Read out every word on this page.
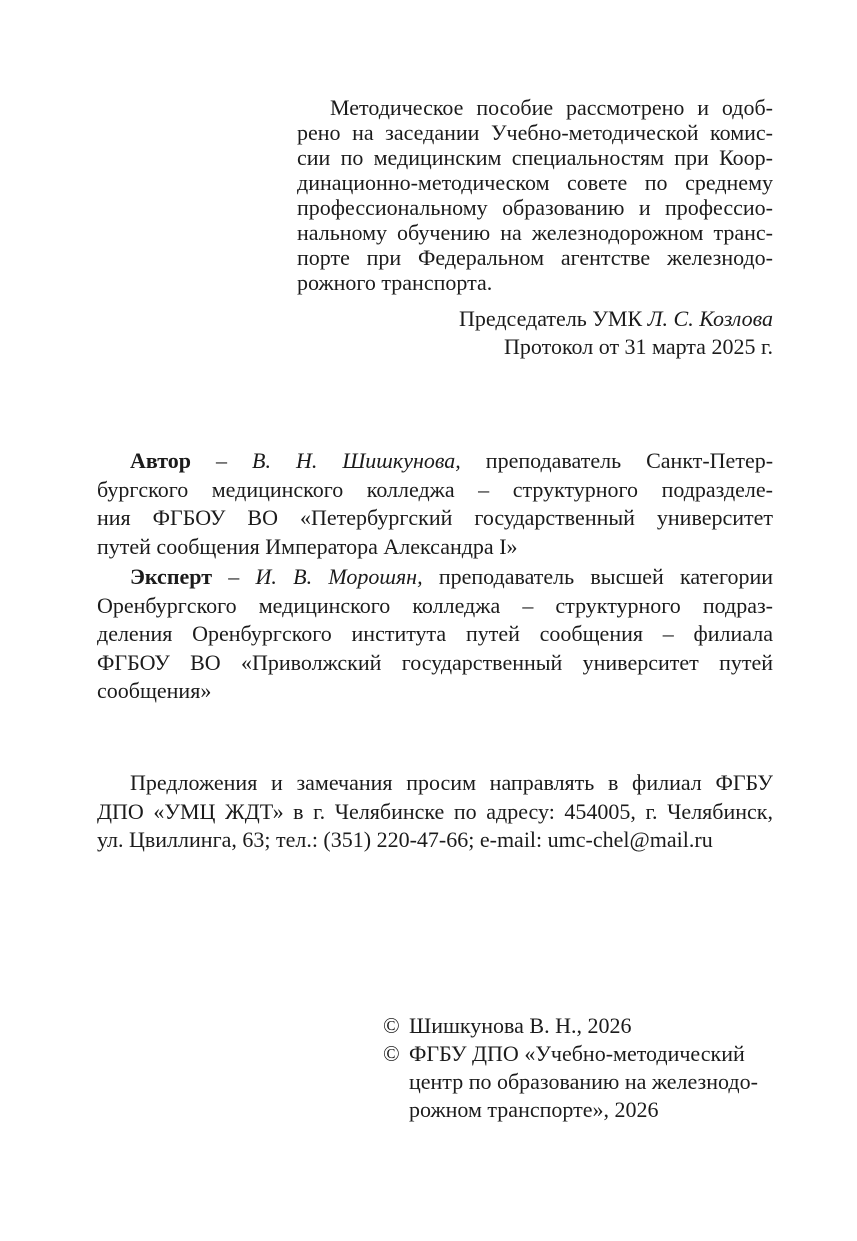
Методическое пособие рассмотрено и одоб-
рено на заседании Учебно-методической комис-
сии по медицинским специальностям при Коор-
динационно-методическом совете по среднему
профессиональному образованию и профессио-
нальному обучению на железнодорожном транс-
порте при Федеральном агентстве железнодо-
рожного транспорта.
Председатель УМК Л. С. Козлова
Протокол от 31 марта 2025 г.
Автор – В. Н. Шишкунова, преподаватель Санкт-Петер-
бургского медицинского колледжа – структурного подразделе-
ния ФГБОУ ВО «Петербургский государственный университет
путей сообщения Императора Александра I»
Эксперт – И. В. Морошян, преподаватель высшей категории
Оренбургского медицинского колледжа – структурного подраз-
деления Оренбургского института путей сообщения – филиала
ФГБОУ ВО «Приволжский государственный университет путей
сообщения»
Предложения и замечания просим направлять в филиал ФГБУ
ДПО «УМЦ ЖДТ» в г. Челябинске по адресу: 454005, г. Челябинск,
ул. Цвиллинга, 63; тел.: (351) 220-47-66; e-mail: umc-chel@mail.ru
© Шишкунова В. Н., 2026
© ФГБУ ДПО «Учебно-методический
центр по образованию на железнодо-
рожном транспорте», 2026
